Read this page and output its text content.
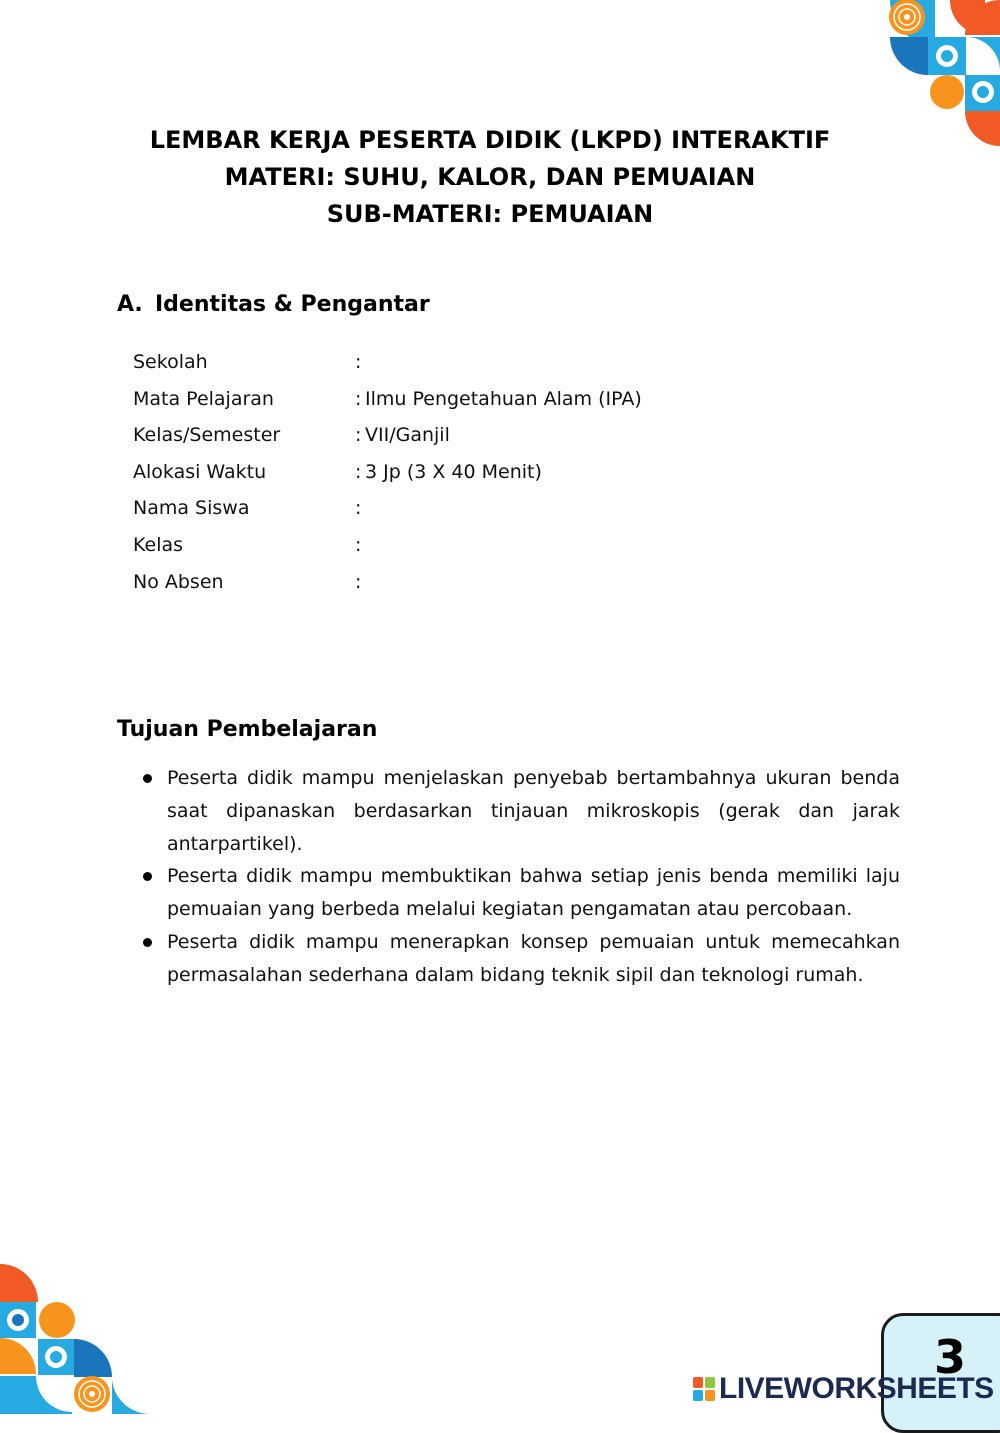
LEMBAR KERJA PESERTA DIDIK (LKPD) INTERAKTIF
MATERI: SUHU, KALOR, DAN PEMUAIAN
SUB-MATERI: PEMUAIAN
A. Identitas & Pengantar
Sekolah	:
Mata Pelajaran	: Ilmu Pengetahuan Alam (IPA)
Kelas/Semester	: VII/Ganjil
Alokasi Waktu	: 3 Jp (3 X 40 Menit)
Nama Siswa	:
Kelas	:
No Absen	:
Tujuan Pembelajaran
Peserta didik mampu menjelaskan penyebab bertambahnya ukuran benda saat dipanaskan berdasarkan tinjauan mikroskopis (gerak dan jarak antarpartikel).
Peserta didik mampu membuktikan bahwa setiap jenis benda memiliki laju pemuaian yang berbeda melalui kegiatan pengamatan atau percobaan.
Peserta didik mampu menerapkan konsep pemuaian untuk memecahkan permasalahan sederhana dalam bidang teknik sipil dan teknologi rumah.
3
LIVEWORKSHEETS
